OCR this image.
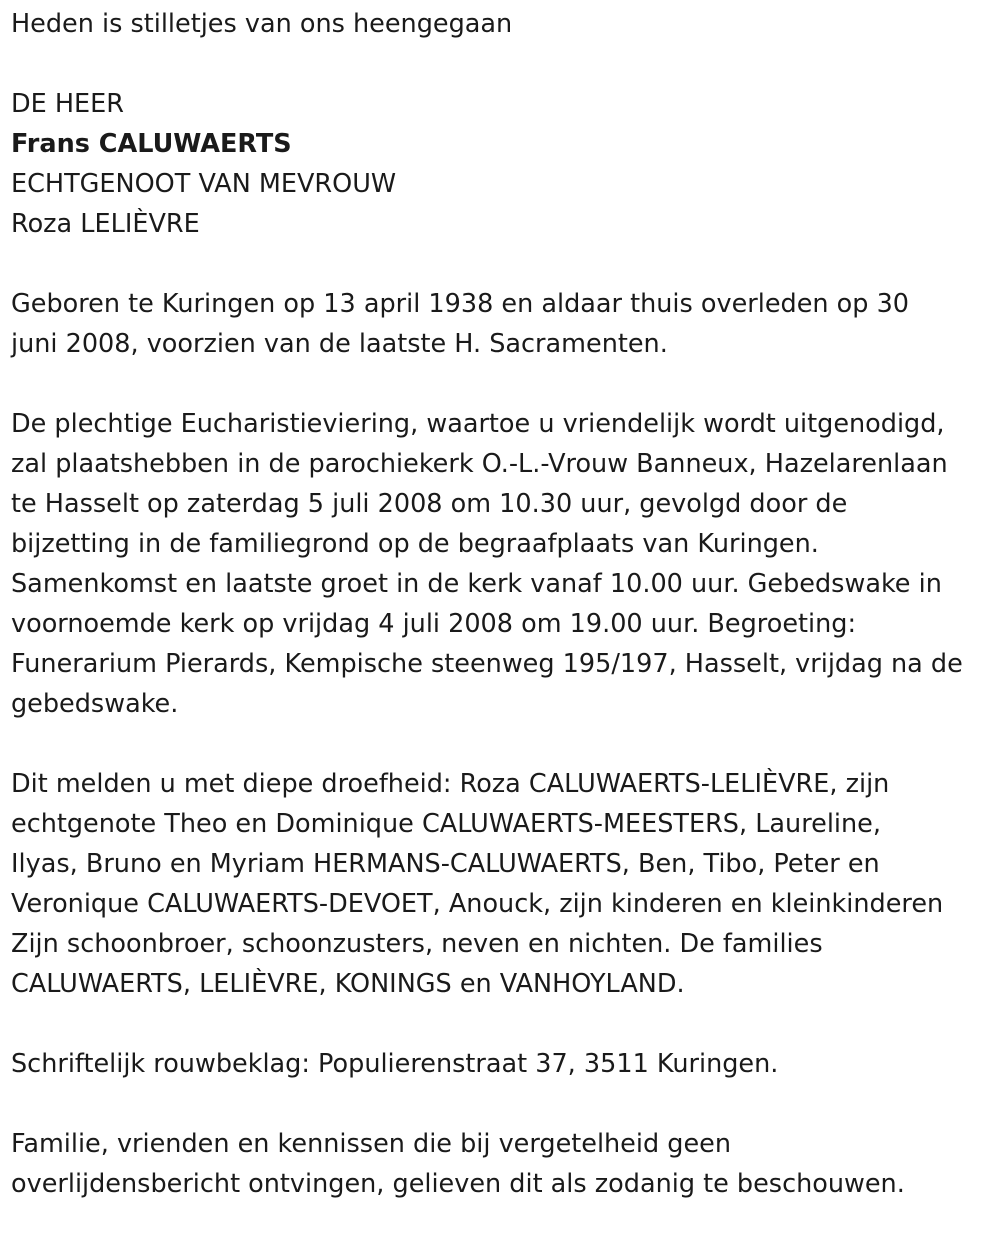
Heden is stilletjes van ons heengegaan
DE HEER
Frans CALUWAERTS
ECHTGENOOT VAN MEVROUW
Roza LELIÈVRE
Geboren te Kuringen op 13 april 1938 en aldaar thuis overleden op 30
juni 2008, voorzien van de laatste H. Sacramenten.
De plechtige Eucharistieviering, waartoe u vriendelijk wordt uitgenodigd,
zal plaatshebben in de parochiekerk O.-L.-Vrouw Banneux, Hazelarenlaan
te Hasselt op zaterdag 5 juli 2008 om 10.30 uur, gevolgd door de
bijzetting in de familiegrond op de begraafplaats van Kuringen.
Samenkomst en laatste groet in de kerk vanaf 10.00 uur. Gebedswake in
voornoemde kerk op vrijdag 4 juli 2008 om 19.00 uur. Begroeting:
Funerarium Pierards, Kempische steenweg 195/197, Hasselt, vrijdag na de
gebedswake.
Dit melden u met diepe droefheid: Roza CALUWAERTS-LELIÈVRE, zijn
echtgenote Theo en Dominique CALUWAERTS-MEESTERS, Laureline,
Ilyas, Bruno en Myriam HERMANS-CALUWAERTS, Ben, Tibo, Peter en
Veronique CALUWAERTS-DEVOET, Anouck, zijn kinderen en kleinkinderen
Zijn schoonbroer, schoonzusters, neven en nichten. De families
CALUWAERTS, LELIÈVRE, KONINGS en VANHOYLAND.
Schriftelijk rouwbeklag: Populierenstraat 37, 3511 Kuringen.
Familie, vrienden en kennissen die bij vergetelheid geen
overlijdensbericht ontvingen, gelieven dit als zodanig te beschouwen.
